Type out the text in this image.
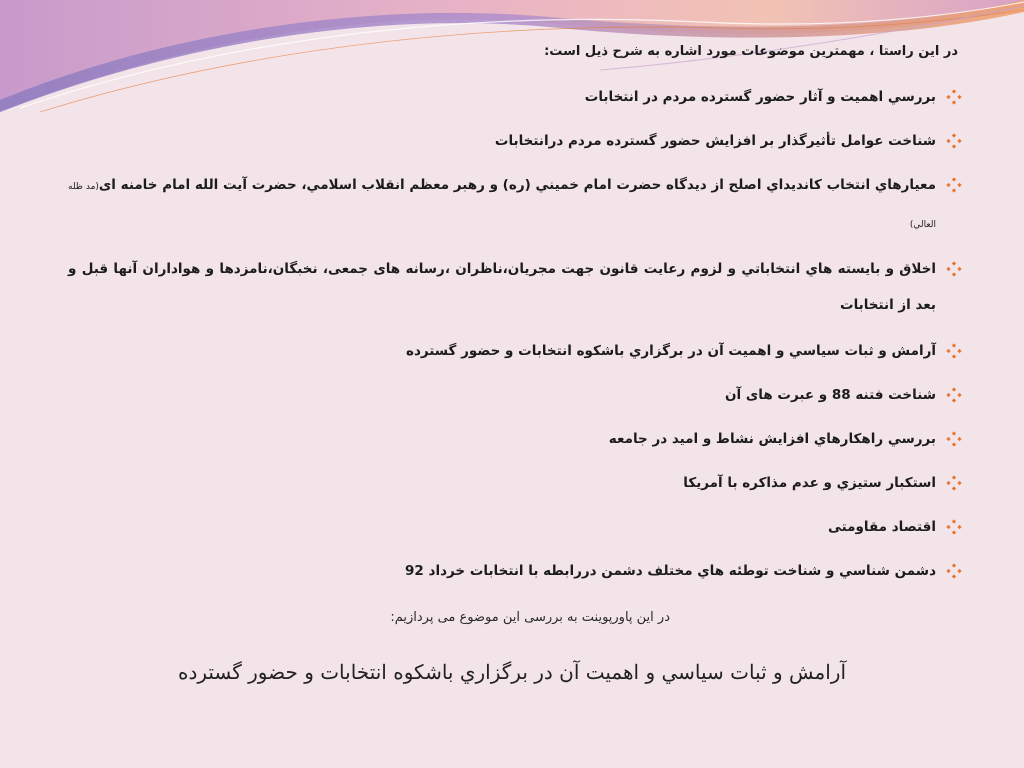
در اين راستا ، مهمترين موضوعات مورد اشاره به شرح ذيل است:
بررسي اهميت و آثار حضور گسترده مردم در انتخابات
شناخت عوامل تأثيرگذار بر افزايش حضور گسترده مردم درانتخابات
معيارهاي انتخاب كانديداي اصلح از ديدگاه حضرت امام خميني (ره) و رهبر معظم انقلاب اسلامي، حضرت آيت الله امام خامنه ای(مد ظله العالي)
اخلاق و بايسته هاي انتخاباتي و لزوم رعايت قانون جهت مجريان،ناظران ،رسانه های جمعی، نخبگان،نامزدها و هواداران آنها قبل و بعد از انتخابات
آرامش و ثبات سياسي و اهميت آن در برگزاري باشكوه انتخابات و حضور گسترده
شناخت فتنه 88 و عبرت های آن
بررسي راهكارهاي افزايش نشاط و اميد در جامعه
استكبار ستيزي و عدم مذاكره با آمريكا
اقتصاد مقاومتی
دشمن شناسي و شناخت توطئه هاي مختلف دشمن دررابطه با انتخابات خرداد 92
در این پاورپوینت به بررسی این موضوع می پردازیم:
آرامش و ثبات سياسي و اهميت آن در برگزاري باشكوه انتخابات و حضور گسترده
